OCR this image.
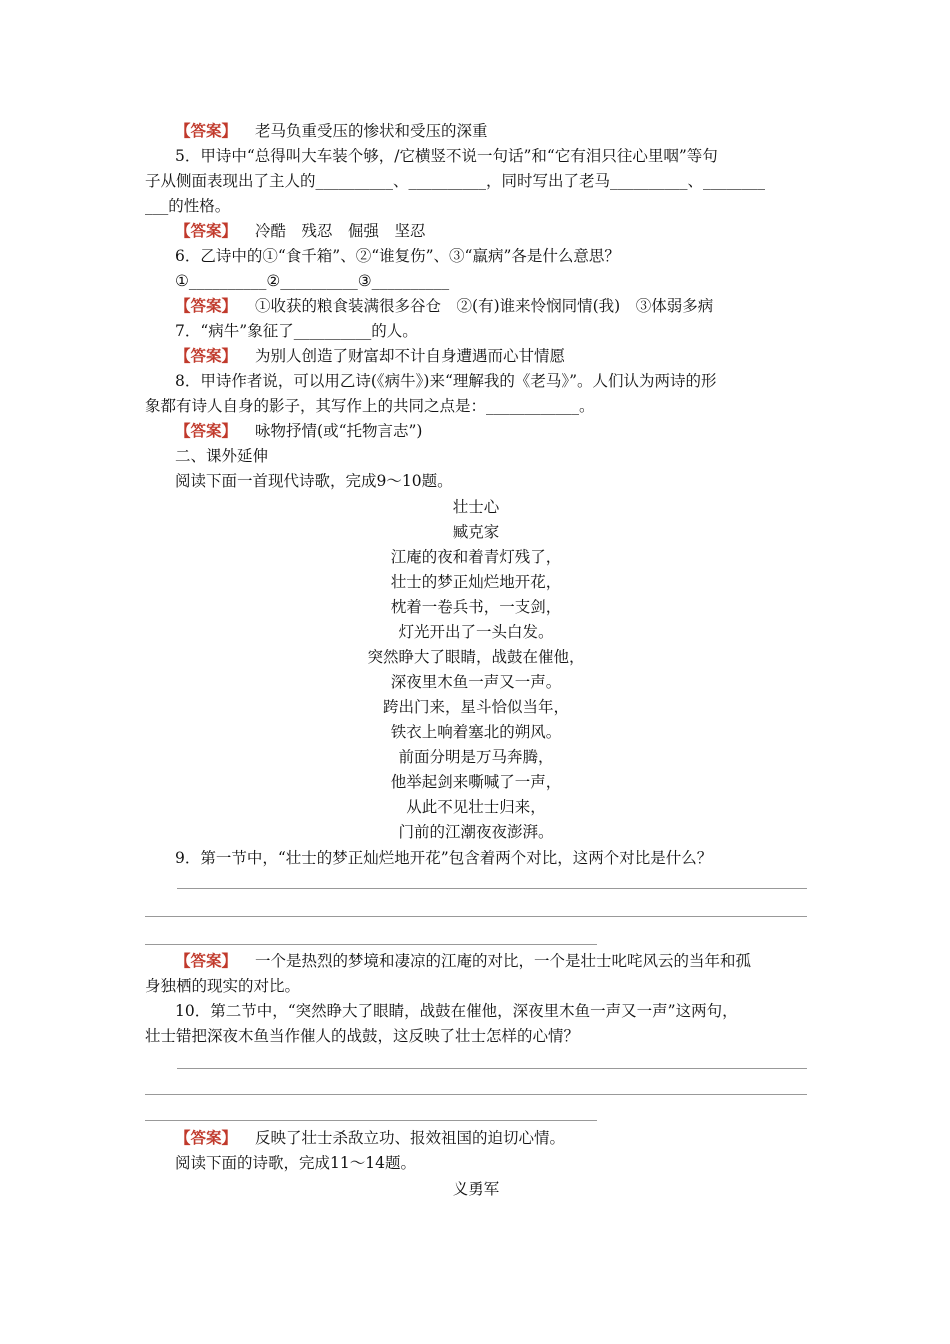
【答案】 老马负重受压的惨状和受压的深重
5．甲诗中“总得叫大车装个够，/它横竖不说一句话”和“它有泪只往心里咽”等句
子从侧面表现出了主人的__________、__________，同时写出了老马__________、________
___的性格。
【答案】 冷酷　残忍　倔强　坚忍
6．乙诗中的①“食千箱”、②“谁复伤”、③“羸病”各是什么意思？
①__________②__________③__________
【答案】 ①收获的粮食装满很多谷仓　②(有)谁来怜悯同情(我)　③体弱多病
7．“病牛”象征了__________的人。
【答案】 为别人创造了财富却不计自身遭遇而心甘情愿
8．甲诗作者说，可以用乙诗(《病牛》)来“理解我的《老马》”。人们认为两诗的形
象都有诗人自身的影子，其写作上的共同之点是：____________。
【答案】 咏物抒情(或“托物言志”)
二、课外延伸
阅读下面一首现代诗歌，完成9～10题。
壮士心
臧克家
江庵的夜和着青灯残了，
壮士的梦正灿烂地开花，
枕着一卷兵书，一支剑，
灯光开出了一头白发。
突然睁大了眼睛，战鼓在催他，
深夜里木鱼一声又一声。
跨出门来，星斗恰似当年，
铁衣上响着塞北的朔风。
前面分明是万马奔腾，
他举起剑来嘶喊了一声，
从此不见壮士归来，
门前的江潮夜夜澎湃。
9．第一节中，“壮士的梦正灿烂地开花”包含着两个对比，这两个对比是什么？
【答案】 一个是热烈的梦境和凄凉的江庵的对比，一个是壮士叱咤风云的当年和孤
身独栖的现实的对比。
10．第二节中，“突然睁大了眼睛，战鼓在催他，深夜里木鱼一声又一声”这两句，
壮士错把深夜木鱼当作催人的战鼓，这反映了壮士怎样的心情？
【答案】 反映了壮士杀敌立功、报效祖国的迫切心情。
阅读下面的诗歌，完成11～14题。
义勇军
